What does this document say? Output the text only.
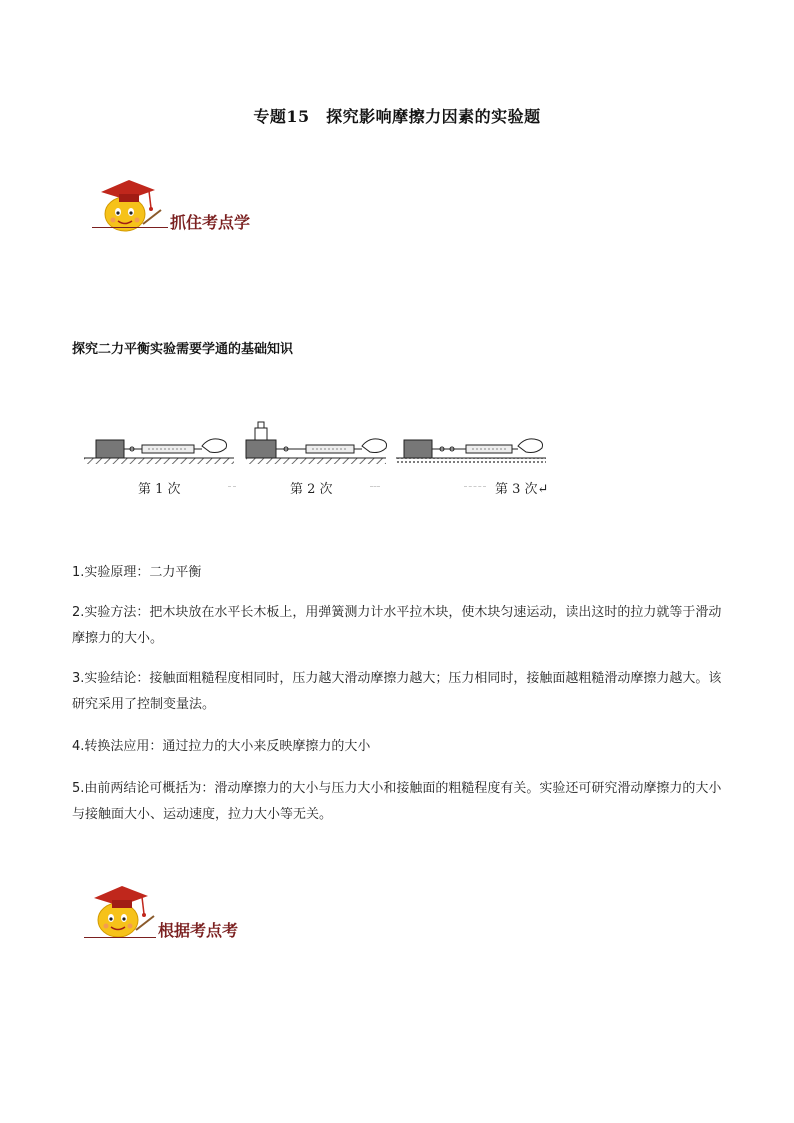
专题15　探究影响摩擦力因素的实验题
抓住考点学
探究二力平衡实验需要学通的基础知识
第 1 次	第 2 次	第 3 次↵
1.实验原理：二力平衡
2.实验方法：把木块放在水平长木板上，用弹簧测力计水平拉木块，使木块匀速运动，读出这时的拉力就等于滑动摩擦力的大小。
3.实验结论：接触面粗糙程度相同时，压力越大滑动摩擦力越大；压力相同时，接触面越粗糙滑动摩擦力越大。该研究采用了控制变量法。
4.转换法应用：通过拉力的大小来反映摩擦力的大小
5.由前两结论可概括为：滑动摩擦力的大小与压力大小和接触面的粗糙程度有关。实验还可研究滑动摩擦力的大小与接触面大小、运动速度，拉力大小等无关。
根据考点考
